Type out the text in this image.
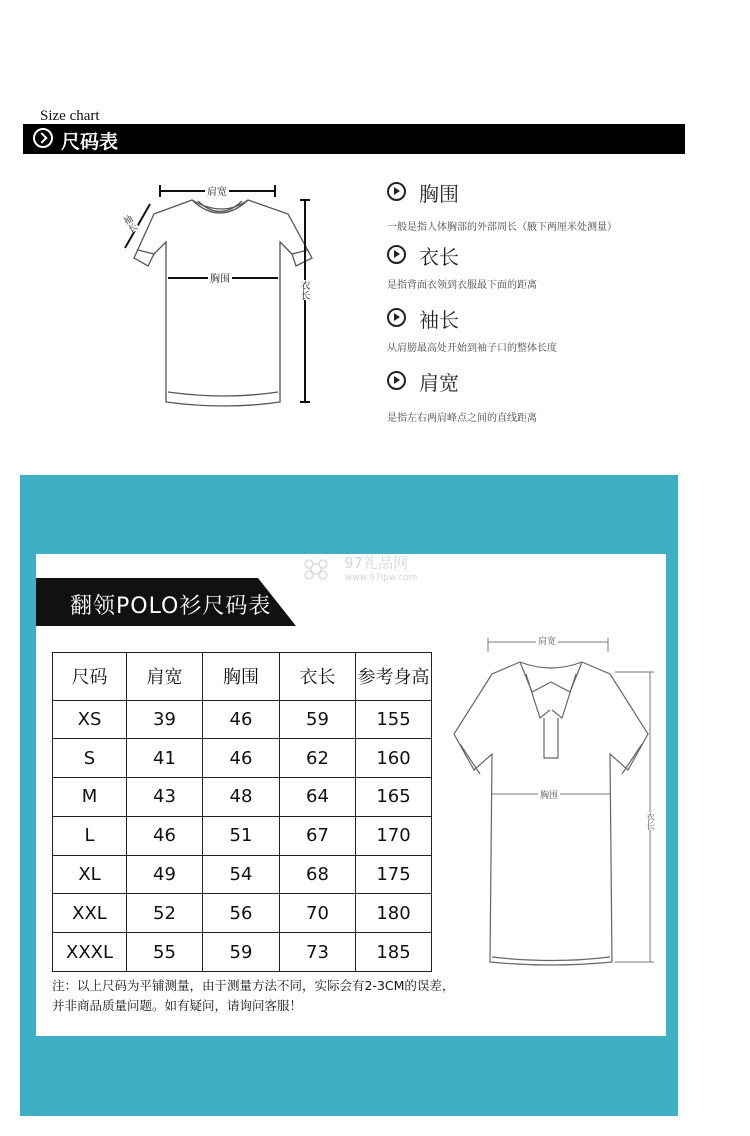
Size chart
尺码表
肩宽
胸围
衣长
袖长
胸围
一般是指人体胸部的外部周长（腋下两厘米处测量）
衣长
是指背面衣领到衣服最下面的距离
袖长
从肩膀最高处开始到袖子口的整体长度
肩宽
是指左右两肩峰点之间的直线距离
97礼品网
www.97lpw.com
翻领POLO衫尺码表
尺码	肩宽	胸围	衣长	参考身高
XS	39	46	59	155
S	41	46	62	160
M	43	48	64	165
L	46	51	67	170
XL	49	54	68	175
XXL	52	56	70	180
XXXL	55	59	73	185
注：以上尺码为平铺测量，由于测量方法不同，实际会有2-3CM的误差，
并非商品质量问题。如有疑问，请询问客服！
肩宽
胸围
衣长
